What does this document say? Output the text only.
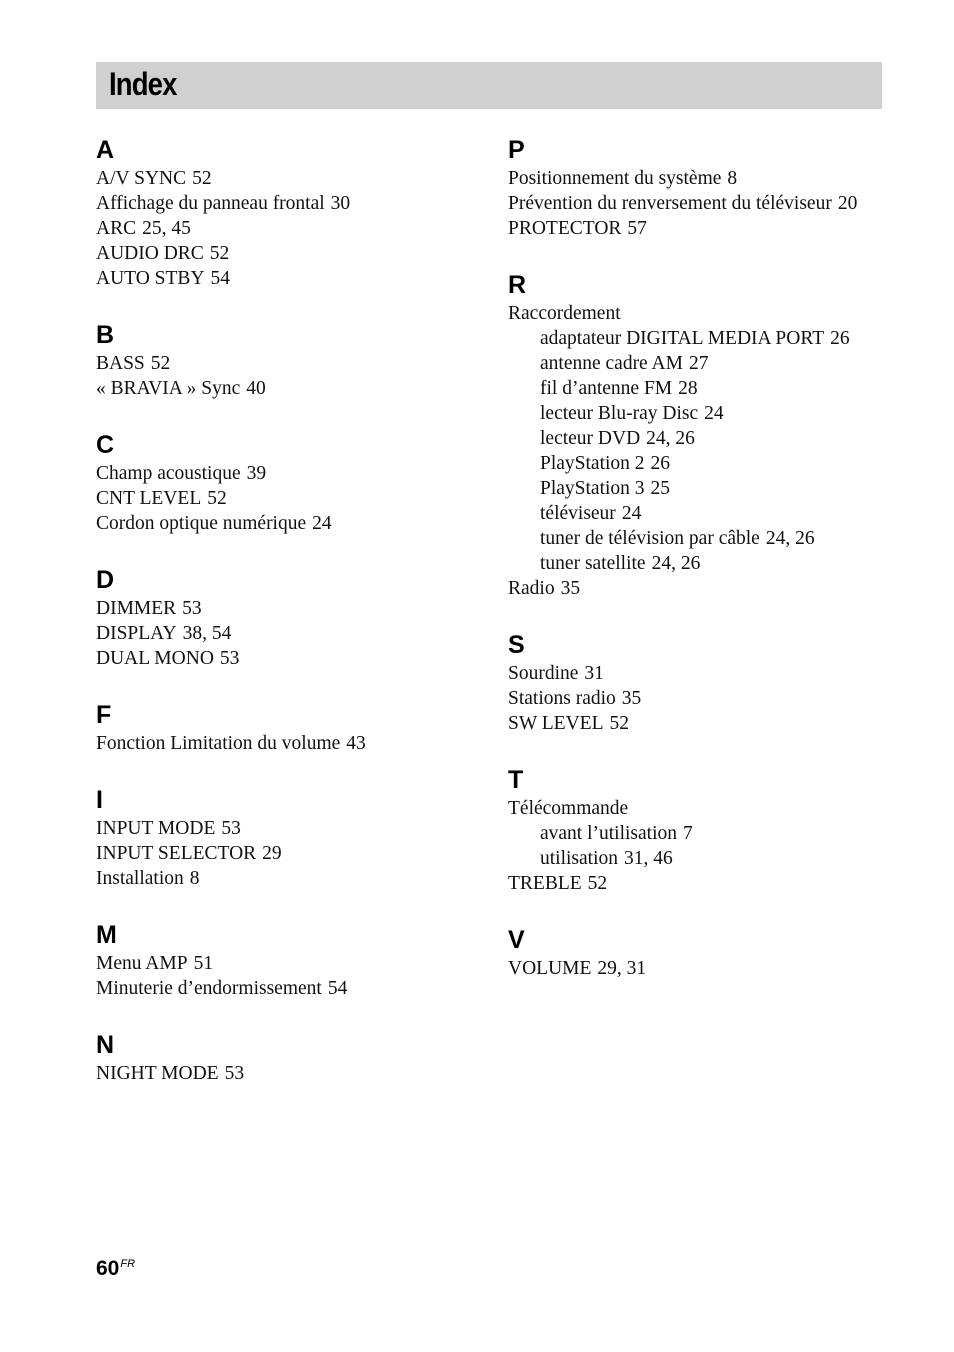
Index
A
A/V SYNC 52
Affichage du panneau frontal 30
ARC 25, 45
AUDIO DRC 52
AUTO STBY 54
B
BASS 52
« BRAVIA » Sync 40
C
Champ acoustique 39
CNT LEVEL 52
Cordon optique numérique 24
D
DIMMER 53
DISPLAY 38, 54
DUAL MONO 53
F
Fonction Limitation du volume 43
I
INPUT MODE 53
INPUT SELECTOR 29
Installation 8
M
Menu AMP 51
Minuterie d’endormissement 54
N
NIGHT MODE 53
P
Positionnement du système 8
Prévention du renversement du téléviseur 20
PROTECTOR 57
R
Raccordement
adaptateur DIGITAL MEDIA PORT 26
antenne cadre AM 27
fil d’antenne FM 28
lecteur Blu-ray Disc 24
lecteur DVD 24, 26
PlayStation 2 26
PlayStation 3 25
téléviseur 24
tuner de télévision par câble 24, 26
tuner satellite 24, 26
Radio 35
S
Sourdine 31
Stations radio 35
SW LEVEL 52
T
Télécommande
avant l’utilisation 7
utilisation 31, 46
TREBLE 52
V
VOLUME 29, 31
$60^{FR}$
